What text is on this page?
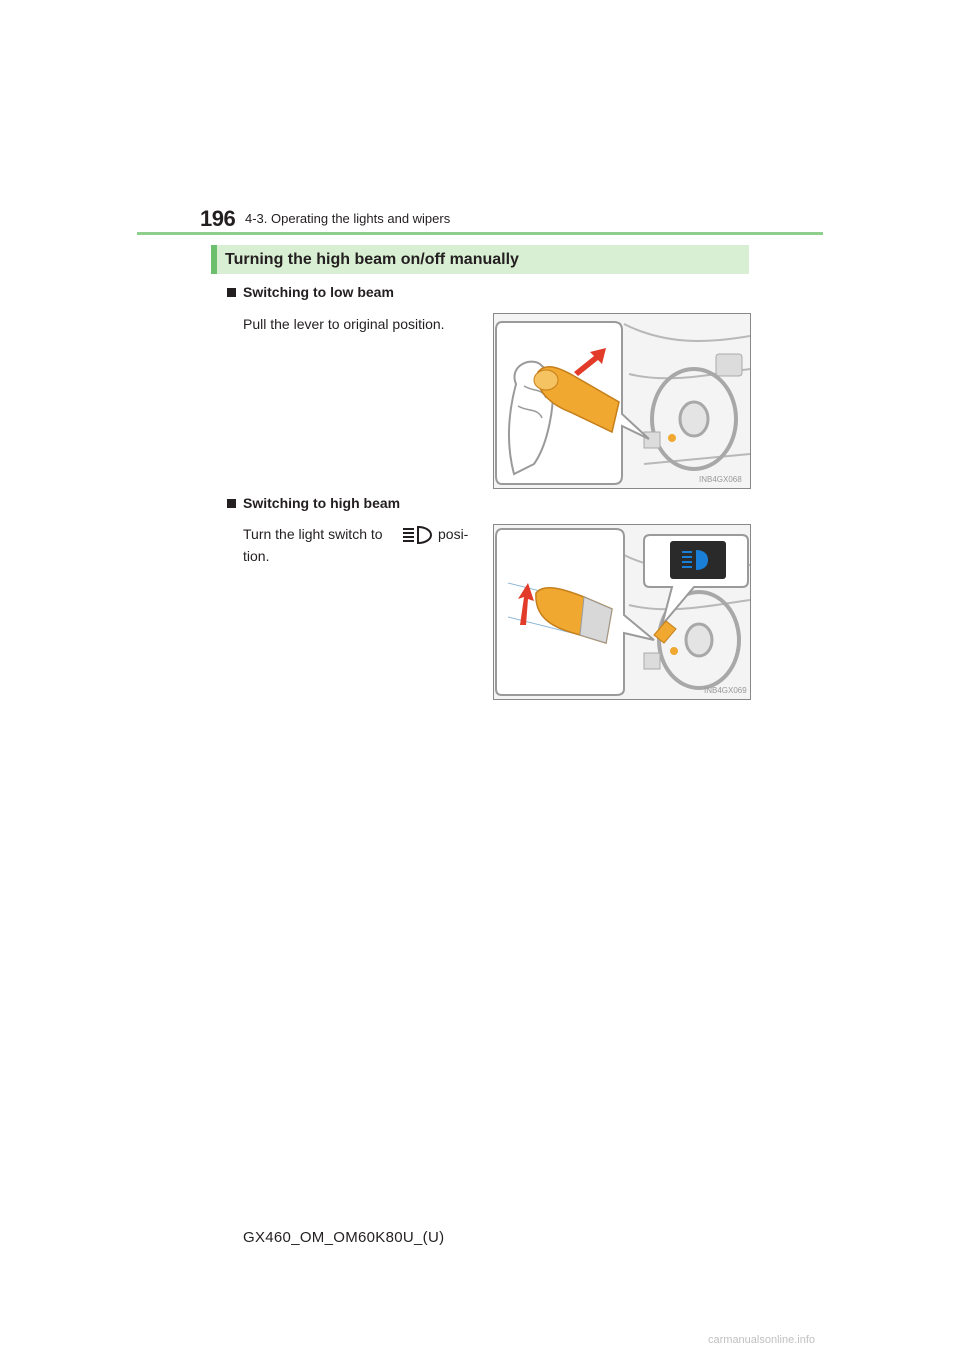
196 4-3. Operating the lights and wipers
Turning the high beam on/off manually
Switching to low beam
Pull the lever to original position.
INB4GX068
Switching to high beam
Turn the light switch to	posi-
tion.
INB4GX069
GX460_OM_OM60K80U_(U)
carmanualsonline.info
